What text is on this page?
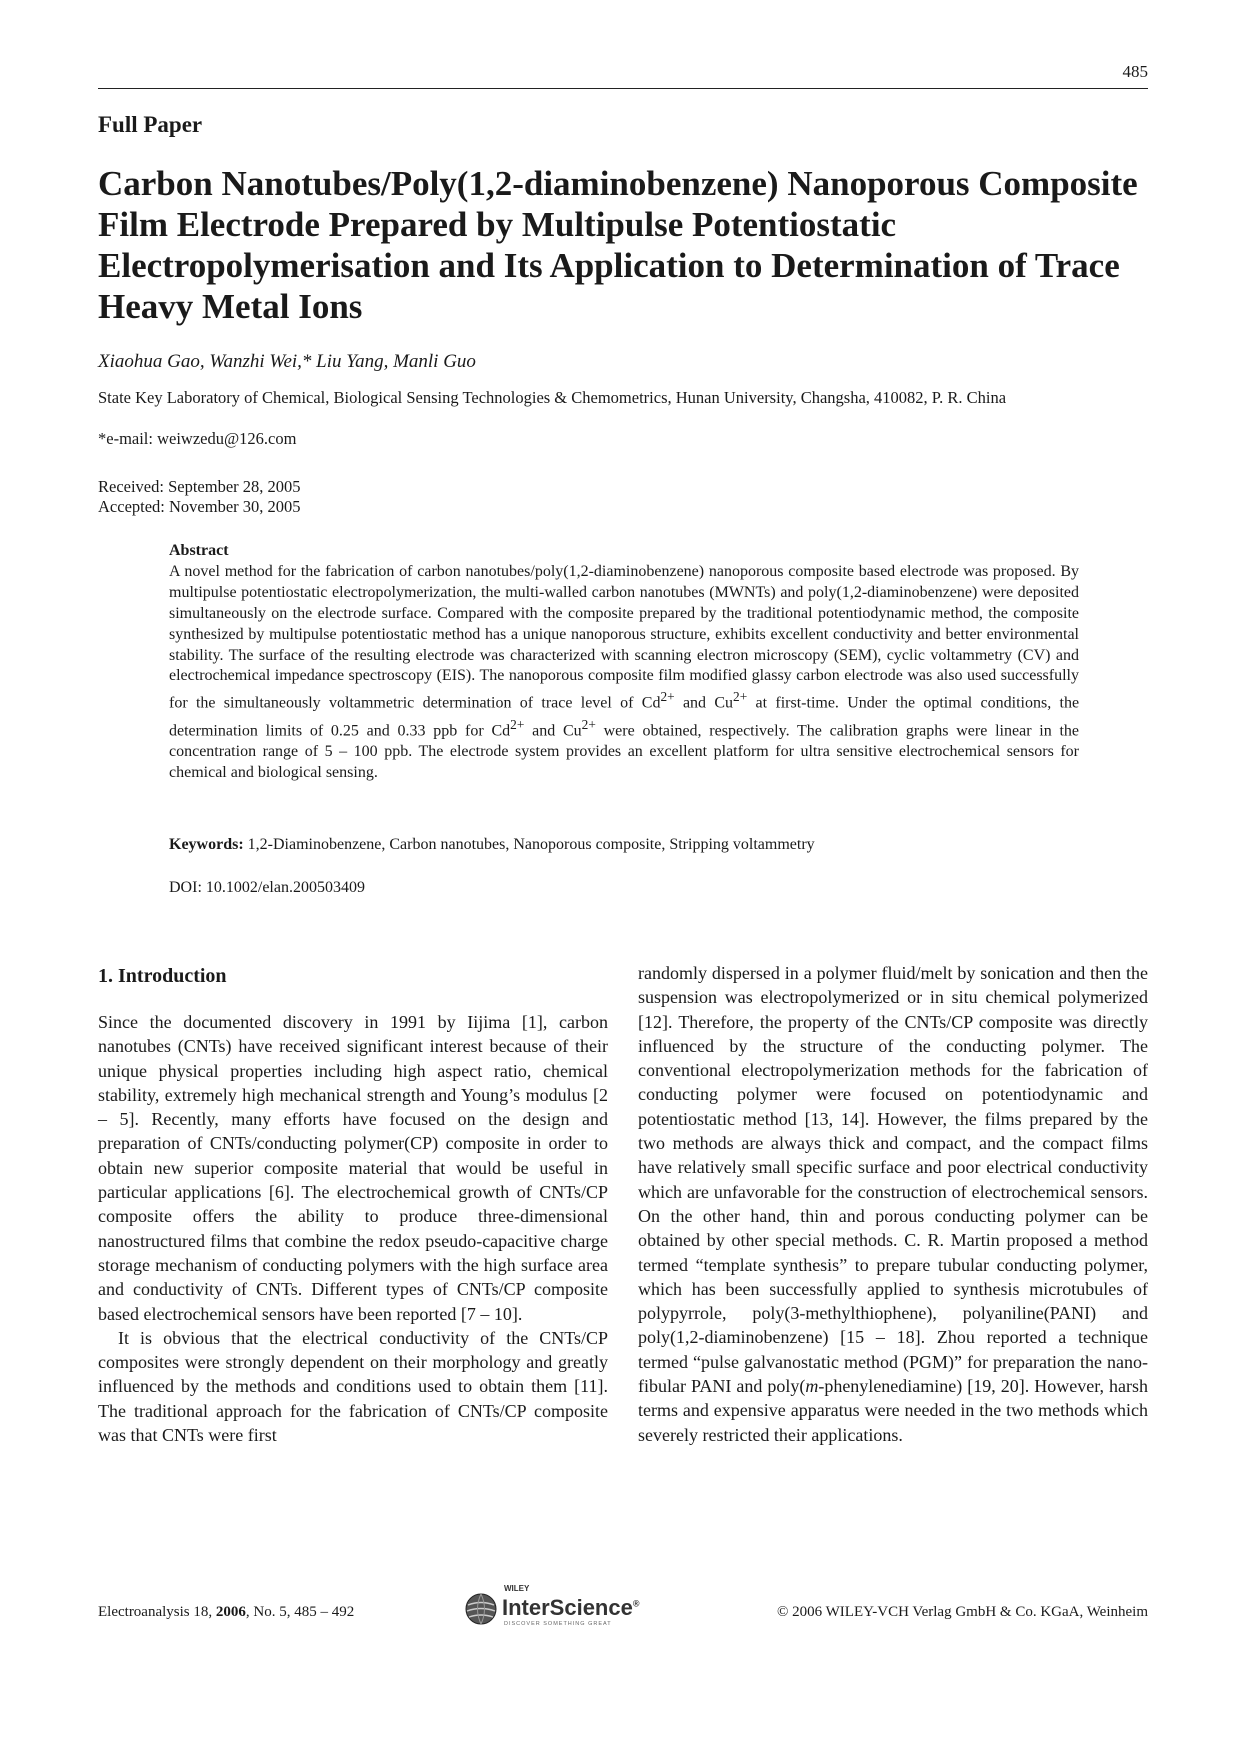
485
Full Paper
Carbon Nanotubes/Poly(1,2-diaminobenzene) Nanoporous Composite Film Electrode Prepared by Multipulse Potentiostatic Electropolymerisation and Its Application to Determination of Trace Heavy Metal Ions
Xiaohua Gao, Wanzhi Wei,* Liu Yang, Manli Guo
State Key Laboratory of Chemical, Biological Sensing Technologies & Chemometrics, Hunan University, Changsha, 410082, P. R. China
*e-mail: weiwzedu@126.com
Received: September 28, 2005
Accepted: November 30, 2005
Abstract
A novel method for the fabrication of carbon nanotubes/poly(1,2-diaminobenzene) nanoporous composite based electrode was proposed. By multipulse potentiostatic electropolymerization, the multi-walled carbon nanotubes (MWNTs) and poly(1,2-diaminobenzene) were deposited simultaneously on the electrode surface. Compared with the composite prepared by the traditional potentiodynamic method, the composite synthesized by multipulse potentiostatic method has a unique nanoporous structure, exhibits excellent conductivity and better environmental stability. The surface of the resulting electrode was characterized with scanning electron microscopy (SEM), cyclic voltammetry (CV) and electrochemical impedance spectroscopy (EIS). The nanoporous composite film modified glassy carbon electrode was also used successfully for the simultaneously voltammetric determination of trace level of $Cd^{2+}$ and $Cu^{2+}$ at first-time. Under the optimal conditions, the determination limits of 0.25 and 0.33 ppb for $Cd^{2+}$ and $Cu^{2+}$ were obtained, respectively. The calibration graphs were linear in the concentration range of 5 – 100 ppb. The electrode system provides an excellent platform for ultra sensitive electrochemical sensors for chemical and biological sensing.
Keywords: 1,2-Diaminobenzene, Carbon nanotubes, Nanoporous composite, Stripping voltammetry
DOI: 10.1002/elan.200503409
1. Introduction

Since the documented discovery in 1991 by Iijima [1], carbon nanotubes (CNTs) have received significant interest because of their unique physical properties including high aspect ratio, chemical stability, extremely high mechanical strength and Young’s modulus [2 – 5]. Recently, many efforts have focused on the design and preparation of CNTs/conducting polymer(CP) composite in order to obtain new superior composite material that would be useful in particular applications [6]. The electrochemical growth of CNTs/CP composite offers the ability to produce three-dimensional nanostructured films that combine the redox pseudo-capacitive charge storage mechanism of conducting polymers with the high surface area and conductivity of CNTs. Different types of CNTs/CP composite based electrochemical sensors have been reported [7 – 10].

It is obvious that the electrical conductivity of the CNTs/CP composites were strongly dependent on their morphology and greatly influenced by the methods and conditions used to obtain them [11]. The traditional approach for the fabrication of CNTs/CP composite was that CNTs were first

randomly dispersed in a polymer fluid/melt by sonication and then the suspension was electropolymerized or in situ chemical polymerized [12]. Therefore, the property of the CNTs/CP composite was directly influenced by the structure of the conducting polymer. The conventional electropolymerization methods for the fabrication of conducting polymer were focused on potentiodynamic and potentiostatic method [13, 14]. However, the films prepared by the two methods are always thick and compact, and the compact films have relatively small specific surface and poor electrical conductivity which are unfavorable for the construction of electrochemical sensors. On the other hand, thin and porous conducting polymer can be obtained by other special methods. C. R. Martin proposed a method termed “template synthesis” to prepare tubular conducting polymer, which has been successfully applied to synthesis microtubules of polypyrrole, poly(3-methylthiophene), polyaniline(PANI) and poly(1,2-diaminobenzene) [15 – 18]. Zhou reported a technique termed “pulse galvanostatic method (PGM)” for preparation the nano-fibular PANI and poly(m-phenylenediamine) [19, 20]. However, harsh terms and expensive apparatus were needed in the two methods which severely restricted their applications.

Electroanalysis 18, 2006, No. 5, 485 – 492
WILEY
InterScience®
DISCOVER SOMETHING GREAT
© 2006 WILEY-VCH Verlag GmbH & Co. KGaA, Weinheim
